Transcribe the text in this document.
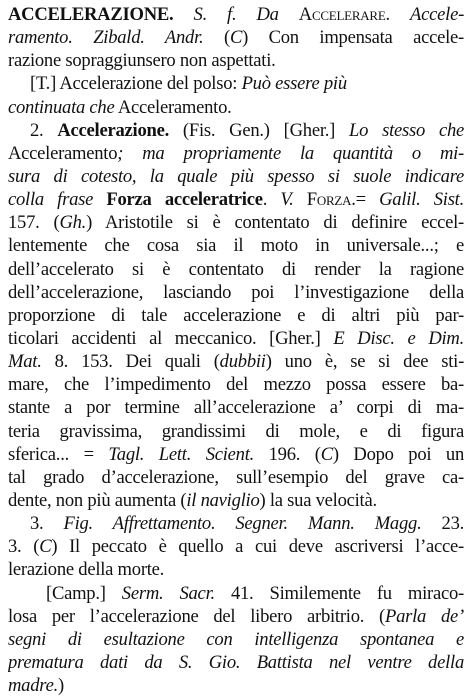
ACCELERAZIONE. S. f. Da Accelerare. Accele-
ramento. Zibald. Andr. (C) Con impensata accele-
razione sopraggiunsero non aspettati.
[T.] Accelerazione del polso: Può essere più
continuata che Acceleramento.
2. Accelerazione. (Fis. Gen.) [Gher.] Lo stesso che
Acceleramento; ma propriamente la quantità o mi-
sura di cotesto, la quale più spesso si suole indicare
colla frase Forza acceleratrice. V. Forza.= Galil. Sist.
157. (Gh.) Aristotile si è contentato di definire eccel-
lentemente che cosa sia il moto in universale...; e
dell’accelerato si è contentato di render la ragione
dell’accelerazione, lasciando poi l’investigazione della
proporzione di tale accelerazione e di altri più par-
ticolari accidenti al meccanico. [Gher.] E Disc. e Dim.
Mat. 8. 153. Dei quali (dubbii) uno è, se si dee sti-
mare, che l’impedimento del mezzo possa essere ba-
stante a por termine all’accelerazione a’ corpi di ma-
teria gravissima, grandissimi di mole, e di figura
sferica... = Tagl. Lett. Scient. 196. (C) Dopo poi un
tal grado d’accelerazione, sull’esempio del grave ca-
dente, non più aumenta (il naviglio) la sua velocità.
3. Fig. Affrettamento. Segner. Mann. Magg. 23.
3. (C) Il peccato è quello a cui deve ascriversi l’acce-
lerazione della morte.
[Camp.] Serm. Sacr. 41. Similemente fu miraco-
losa per l’accelerazione del libero arbitrio. (Parla de’
segni di esultazione con intelligenza spontanea e
prematura dati da S. Gio. Battista nel ventre della
madre.)
